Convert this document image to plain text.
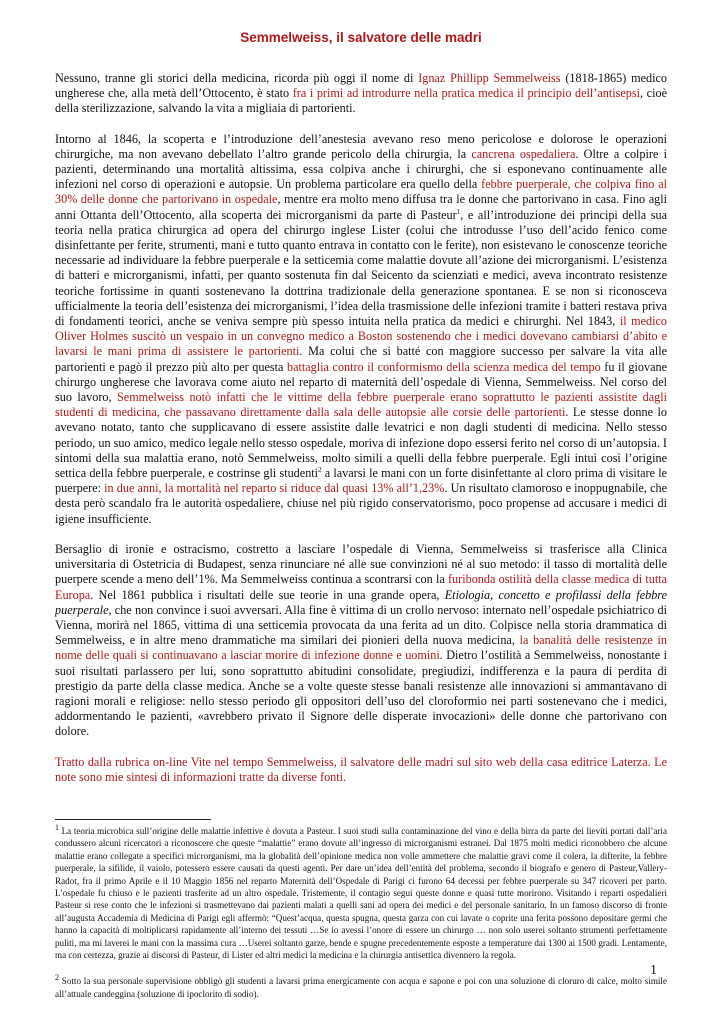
Semmelweiss, il salvatore delle madri

Nessuno, tranne gli storici della medicina, ricorda più oggi il nome di Ignaz Phillipp Semmelweiss (1818-1865) medico ungherese che, alla metà dell’Ottocento, è stato fra i primi ad introdurre nella pratica medica il principio dell’antisepsi, cioè della sterilizzazione, salvando la vita a migliaia di partorienti.

Intorno al 1846, la scoperta e l’introduzione dell’anestesia avevano reso meno pericolose e dolorose le operazioni chirurgiche, ma non avevano debellato l’altro grande pericolo della chirurgia, la cancrena ospedaliera. Oltre a colpire i pazienti, determinando una mortalità altissima, essa colpiva anche i chirurghi, che si esponevano continuamente alle infezioni nel corso di operazioni e autopsie. Un problema particolare era quello della febbre puerperale, che colpiva fino al 30% delle donne che partorivano in ospedale, mentre era molto meno diffusa tra le donne che partorivano in casa. Fino agli anni Ottanta dell’Ottocento, alla scoperta dei microrganismi da parte di Pasteur$^1$, e all’introduzione dei principi della sua teoria nella pratica chirurgica ad opera del chirurgo inglese Lister (colui che introdusse l’uso dell’acido fenico come disinfettante per ferite, strumenti, mani e tutto quanto entrava in contatto con le ferite), non esistevano le conoscenze teoriche necessarie ad individuare la febbre puerperale e la setticemia come malattie dovute all’azione dei microrganismi. L’esistenza di batteri e microrganismi, infatti, per quanto sostenuta fin dal Seicento da scienziati e medici, aveva incontrato resistenze teoriche fortissime in quanti sostenevano la dottrina tradizionale della generazione spontanea. E se non si riconosceva ufficialmente la teoria dell’esistenza dei microrganismi, l’idea della trasmissione delle infezioni tramite i batteri restava priva di fondamenti teorici, anche se veniva sempre più spesso intuita nella pratica da medici e chirurghi. Nel 1843, il medico Oliver Holmes suscitò un vespaio in un convegno medico a Boston sostenendo che i medici dovevano cambiarsi d’abito e lavarsi le mani prima di assistere le partorienti. Ma colui che si batté con maggiore successo per salvare la vita alle partorienti e pagò il prezzo più alto per questa battaglia contro il conformismo della scienza medica del tempo fu il giovane chirurgo ungherese che lavorava come aiuto nel reparto di maternità dell’ospedale di Vienna, Semmelweiss. Nel corso del suo lavoro, Semmelweiss notò infatti che le vittime della febbre puerperale erano soprattutto le pazienti assistite dagli studenti di medicina, che passavano direttamente dalla sala delle autopsie alle corsie delle partorienti. Le stesse donne lo avevano notato, tanto che supplicavano di essere assistite dalle levatrici e non dagli studenti di medicina. Nello stesso periodo, un suo amico, medico legale nello stesso ospedale, moriva di infezione dopo essersi ferito nel corso di un’autopsia. I sintomi della sua malattia erano, notò Semmelweiss, molto simili a quelli della febbre puerperale. Egli intuì così l’origine settica della febbre puerperale, e costrinse gli studenti$^2$ a lavarsi le mani con un forte disinfettante al cloro prima di visitare le puerpere: in due anni, la mortalità nel reparto si riduce dal quasi 13% all’1,23%. Un risultato clamoroso e inoppugnabile, che desta però scandalo fra le autorità ospedaliere, chiuse nel più rigido conservatorismo, poco propense ad accusare i medici di igiene insufficiente.

Bersaglio di ironie e ostracismo, costretto a lasciare l’ospedale di Vienna, Semmelweiss si trasferisce alla Clinica universitaria di Ostetricia di Budapest, senza rinunciare né alle sue convinzioni né al suo metodo: il tasso di mortalità delle puerpere scende a meno dell’1%. Ma Semmelweiss continua a scontrarsi con la furibonda ostilità della classe medica di tutta Europa. Nel 1861 pubblica i risultati delle sue teorie in una grande opera, Etiologia, concetto e profilassi della febbre puerperale, che non convince i suoi avversari. Alla fine è vittima di un crollo nervoso: internato nell’ospedale psichiatrico di Vienna, morirà nel 1865, vittima di una setticemia provocata da una ferita ad un dito. Colpisce nella storia drammatica di Semmelweiss, e in altre meno drammatiche ma similari dei pionieri della nuova medicina, la banalità delle resistenze in nome delle quali si continuavano a lasciar morire di infezione donne e uomini. Dietro l’ostilità a Semmelweiss, nonostante i suoi risultati parlassero per lui, sono soprattutto abitudini consolidate, pregiudizi, indifferenza e la paura di perdita di prestigio da parte della classe medica. Anche se a volte queste stesse banali resistenze alle innovazioni si ammantavano di ragioni morali e religiose: nello stesso periodo gli oppositori dell’uso del cloroformio nei parti sostenevano che i medici, addormentando le pazienti, «avrebbero privato il Signore delle disperate invocazioni» delle donne che partorivano con dolore.

Tratto dalla rubrica on-line Vite nel tempo Semmelweiss, il salvatore delle madri sul sito web della casa editrice Laterza. Le note sono mie sintesi di informazioni tratte da diverse fonti.

$^1$ La teoria microbica sull’origine delle malattie infettive è dovuta a Pasteur. I suoi studi sulla contaminazione del vino e della birra da parte dei lieviti portati dall’aria condussero alcuni ricercatori a riconoscere che queste “malattie” erano dovute all’ingresso di microrganismi estranei. Dal 1875 molti medici riconobbero che alcune malattie erano collegate a specifici microrganismi, ma la globalità dell’opinione medica non volle ammettere che malattie gravi come il colera, la difterite, la febbre puerperale, la sifilide, il vaiolo, potessero essere causati da questi agenti. Per dare un’idea dell’entità del problema, secondo il biografo e genero di Pasteur,Vallery-Radot, fra il primo Aprile e il 10 Maggio 1856 nel reparto Maternità dell’Ospedale di Parigi ci furono 64 decessi per febbre puerperale su 347 ricoveri per parto. L’ospedale fu chiuso e le pazienti trasferite ad un altro ospedale. Tristemente, il contagio segui queste donne e quasi tutte morirono. Visitando i reparti ospedalieri Pasteur si rese conto che le infezioni si trasmettevano dai pazienti malati a quelli sani ad opera dei medici e del personale sanitario. In un famoso discorso di fronte all’augusta Accademia di Medicina di Parigi egli affermò: “Quest’acqua, questa spugna, questa garza con cui lavate o coprite una ferita possono depositare germi che hanno la capacità di moltiplicarsi rapidamente all’interno dei tessuti …Se io avessi l’onore di essere un chirurgo … non solo userei soltanto strumenti perfettamente puliti, ma mi laverei le mani con la massima cura …Userei soltanto garze, bende e spugne precedentemente esposte a temperature dai 1300 ai 1500 gradi. Lentamente, ma con certezza, grazie ai discorsi di Pasteur, di Lister ed altri medici la medicina e la chirurgia antisettica divennero la regola.

$^2$ Sotto la sua personale supervisione obbligò gli studenti a lavarsi prima energicamente con acqua e sapone e poi con una soluzione di cloruro di calce, molto simile all’attuale candeggina (soluzione di ipoclorito di sodio).

1
